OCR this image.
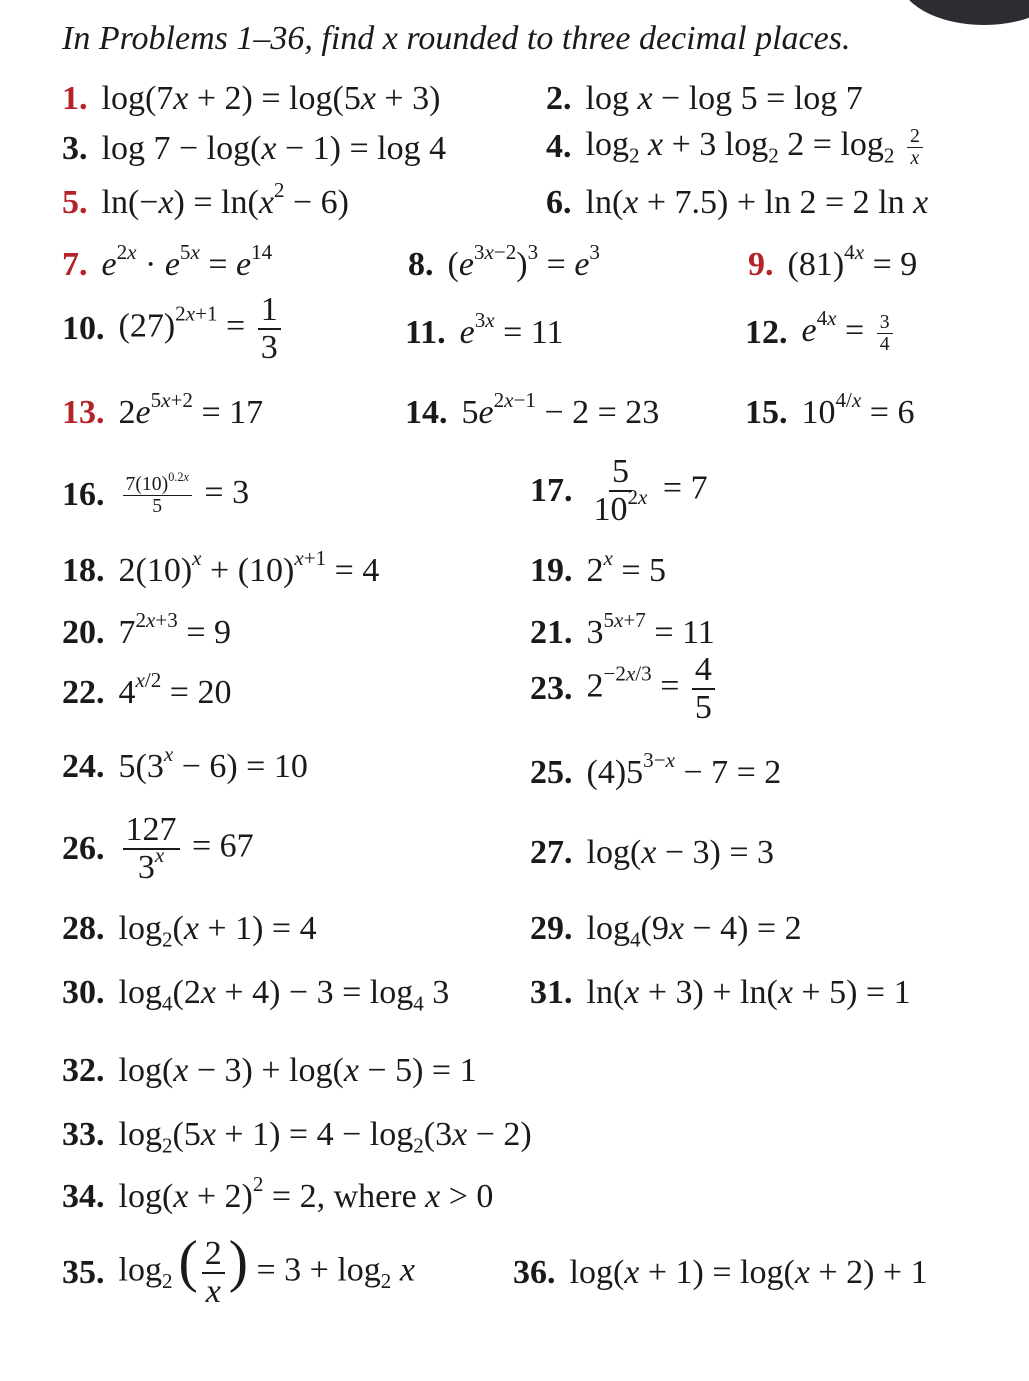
In Problems 1–36, find x rounded to three decimal places.
1. log(7x + 2) = log(5x + 3)	2. log x − log 5 = log 7
3. log 7 − log(x − 1) = log 4	4. $\log_2 x + 3$ $\log_2 2 = \log_2 \frac{2}{x}$
5. $\ln(-x) = \ln(x^2 - 6)$	6. ln(x + 7.5) + ln 2 = 2 ln x
7. $e^{2x} \cdot e^{5x} = e^{14}$	8. $(e^{3x-2})^3 = e^3$	9. $(81)^{4x} = 9$
10. $(27)^{2x+1} = \frac{1}{3}$	11. $e^{3x} = 11$	12. $e^{4x} = \frac{3}{4}$
13. $2e^{5x+2} = 17$	14. $5e^{2x-1} - 2 = 23$	15. $10^{4/x} = 6$
16. $\frac{7(10)^{0.2x}}{5} = 3$	17. $\frac{5}{10^{2x}} = 7$
18. $2(10)^x + (10)^{x+1} = 4$	19. $2^x = 5$
20. $7^{2x+3} = 9$	21. $3^{5x+7} = 11$
22. $4^{x/2} = 20$	23. $2^{-2x/3} = \frac{4}{5}$
24. $5(3^x - 6) = 10$	25. $(4)5^{3-x} - 7 = 2$
26. $\frac{127}{3^x} = 67$	27. log(x − 3) = 3
28. $\log_2(x + 1) = 4$	29. $\log_4(9x - 4) = 2$
30. $\log_4(2x + 4) - 3 = \log_4 3$ 31. ln(x + 3) + ln(x + 5) = 1
32. log(x − 3) + log(x − 5) = 1
33. $\log_2(5x + 1) = 4 - \log_2(3x - 2)$
34. $\log(x + 2)^2 = 2$, where x > 0
35. $\log_2$ ( $\frac{2}{x}$ ) = $3 + \log_2 x$	36. log(x + 1) = log(x + 2) + 1
